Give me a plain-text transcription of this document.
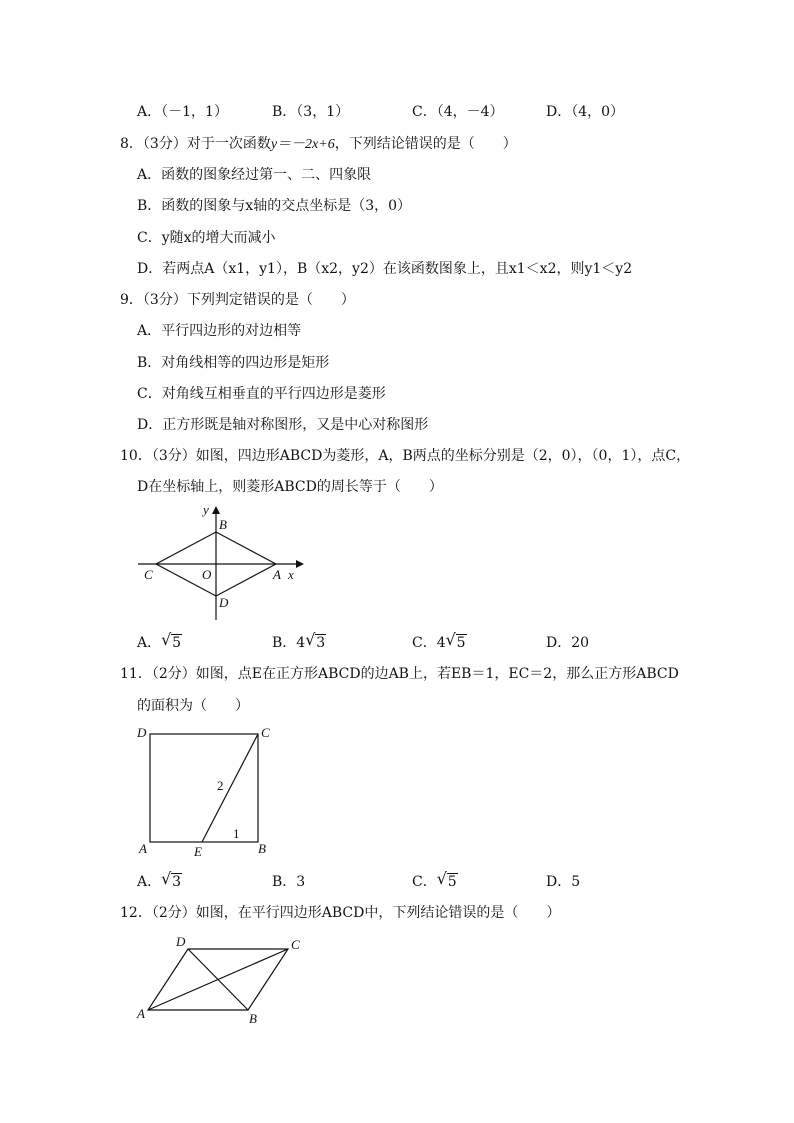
A．（－1，1）	B．（3，1）	C．（4，－4）	D．（4，0）
8．（3分）对于一次函数y＝－2x+6，下列结论错误的是（　　）
A．函数的图象经过第一、二、四象限
B．函数的图象与x轴的交点坐标是（3，0）
C．y随x的增大而减小
D．若两点A（x1，y1），B（x2，y2）在该函数图象上，且x1＜x2，则y1＜y2
9．（3分）下列判定错误的是（　　）
A．平行四边形的对边相等
B．对角线相等的四边形是矩形
C．对角线互相垂直的平行四边形是菱形
D．正方形既是轴对称图形，又是中心对称图形
10．（3分）如图，四边形ABCD为菱形，A，B两点的坐标分别是（2，0），（0，1），点C，
D在坐标轴上，则菱形ABCD的周长等于（　　）
y
B
C	O	A x
D
A． √ 5	B．4 √ 3	C．4 √ 5	D．20
11．（2分）如图，点E在正方形ABCD的边AB上，若EB＝1，EC＝2，那么正方形ABCD
的面积为（　　）
D	C
A	E	B
2
1
A． √ 3	B．3	C． √ 5	D．5
12．（2分）如图，在平行四边形ABCD中，下列结论错误的是（　　）
D	C
A	B
